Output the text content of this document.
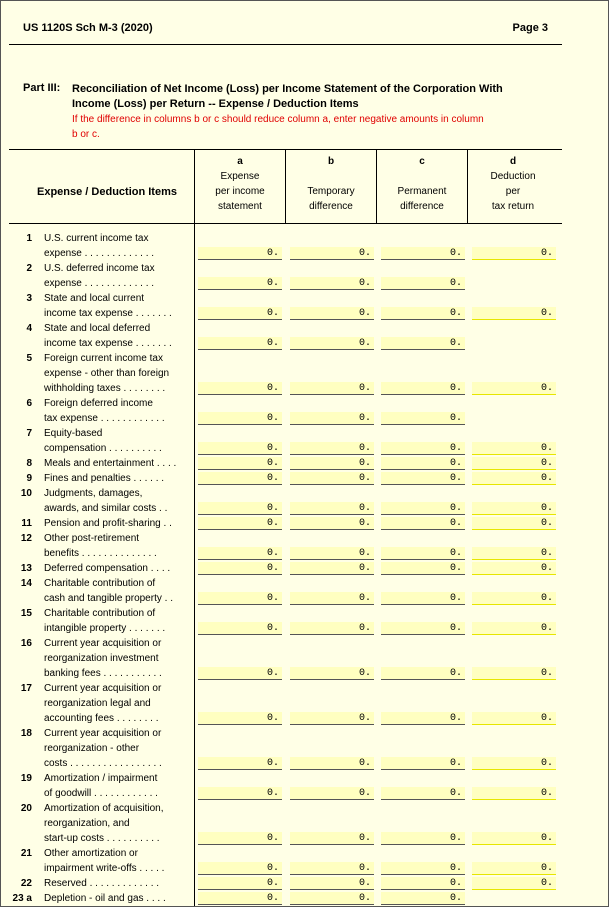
US 1120S Sch M-3 (2020)	Page 3
Part III: Reconciliation of Net Income (Loss) per Income Statement of the Corporation With Income (Loss) per Return -- Expense / Deduction Items
If the difference in columns b or c should reduce column a, enter negative amounts in column b or c.
Expense / Deduction Items
a
Expense
per income
statement
b
Temporary
difference
c
Permanent
difference
d
Deduction
per
tax return
1 U.S. current income tax
expense . . . . . . . . . . . . .	0.	0.	0.	0.
2 U.S. deferred income tax
expense . . . . . . . . . . . . .	0.	0.	0.
3 State and local current
income tax expense . . . . . . .	0.	0.	0.	0.
4 State and local deferred
income tax expense . . . . . . .	0.	0.	0.
5 Foreign current income tax
expense - other than foreign
withholding taxes . . . . . . . .	0.	0.	0.	0.
6 Foreign deferred income
tax expense . . . . . . . . . . . .	0.	0.	0.
7 Equity-based
compensation . . . . . . . . . .	0.	0.	0.	0.
8 Meals and entertainment . . . .	0.	0.	0.	0.
9 Fines and penalties . . . . . .	0.	0.	0.	0.
10 Judgments, damages,
awards, and similar costs . .	0.	0.	0.	0.
11 Pension and profit-sharing . .	0.	0.	0.	0.
12 Other post-retirement
benefits . . . . . . . . . . . . . .	0.	0.	0.	0.
13 Deferred compensation . . . .	0.	0.	0.	0.
14 Charitable contribution of
cash and tangible property . .	0.	0.	0.	0.
15 Charitable contribution of
intangible property . . . . . . .	0.	0.	0.	0.
16 Current year acquisition or
reorganization investment
banking fees . . . . . . . . . . .	0.	0.	0.	0.
17 Current year acquisition or
reorganization legal and
accounting fees . . . . . . . .	0.	0.	0.	0.
18 Current year acquisition or
reorganization - other
costs . . . . . . . . . . . . . . . . .	0.	0.	0.	0.
19 Amortization / impairment
of goodwill . . . . . . . . . . . .	0.	0.	0.	0.
20 Amortization of acquisition,
reorganization, and
start-up costs . . . . . . . . . .	0.	0.	0.	0.
21 Other amortization or
impairment write-offs . . . . .	0.	0.	0.	0.
22 Reserved . . . . . . . . . . . . .	0.	0.	0.	0.
23 a Depletion - oil and gas . . . .	0.	0.	0.
